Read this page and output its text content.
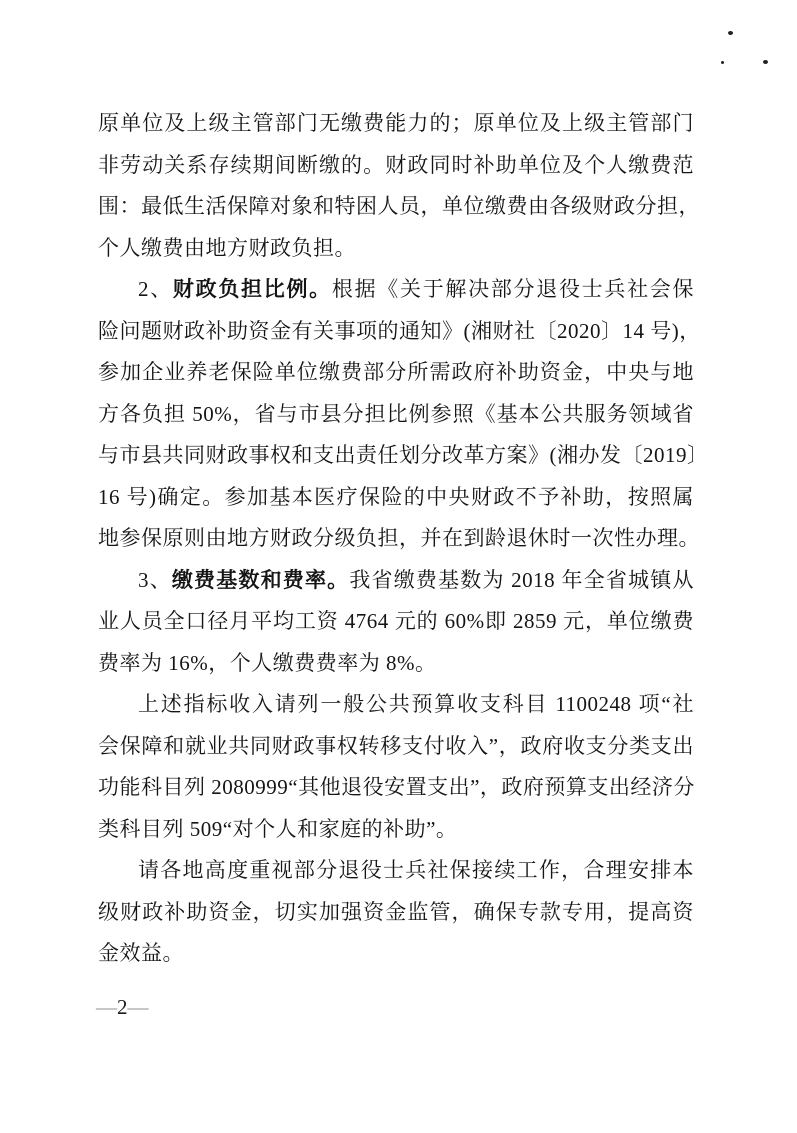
原单位及上级主管部门无缴费能力的；原单位及上级主管部门
非劳动关系存续期间断缴的。财政同时补助单位及个人缴费范
围：最低生活保障对象和特困人员，单位缴费由各级财政分担，
个人缴费由地方财政负担。
2、财政负担比例。根据《关于解决部分退役士兵社会保
险问题财政补助资金有关事项的通知》(湘财社〔2020〕14 号)，
参加企业养老保险单位缴费部分所需政府补助资金，中央与地
方各负担 50%，省与市县分担比例参照《基本公共服务领域省
与市县共同财政事权和支出责任划分改革方案》(湘办发〔2019〕
16 号)确定。参加基本医疗保险的中央财政不予补助，按照属
地参保原则由地方财政分级负担，并在到龄退休时一次性办理。
3、缴费基数和费率。我省缴费基数为 2018 年全省城镇从
业人员全口径月平均工资 4764 元的 60%即 2859 元，单位缴费
费率为 16%，个人缴费费率为 8%。
上述指标收入请列一般公共预算收支科目 1100248 项“社
会保障和就业共同财政事权转移支付收入”，政府收支分类支出
功能科目列 2080999“其他退役安置支出”，政府预算支出经济分
类科目列 509“对个人和家庭的补助”。
请各地高度重视部分退役士兵社保接续工作，合理安排本
级财政补助资金，切实加强资金监管，确保专款专用，提高资
金效益。
—2—
